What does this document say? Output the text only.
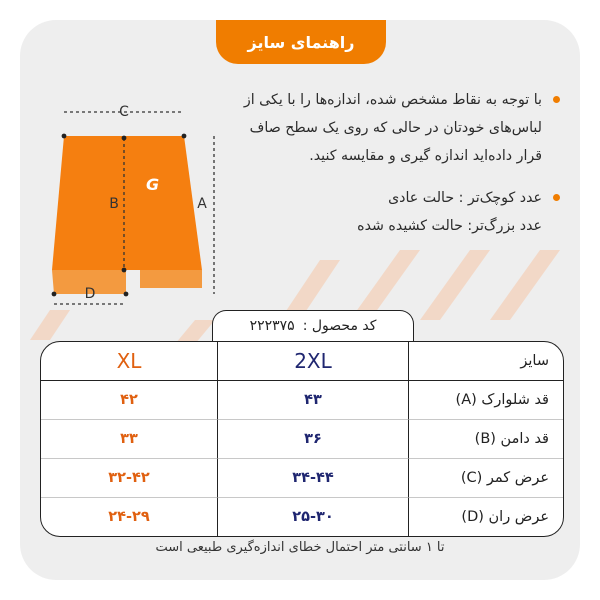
راهنمای سایز
با توجه به نقاط مشخص شده، اندازه‌ها را با یکی از لباس‌های خودتان در حالی که روی یک سطح صاف قرار داده‌اید اندازه گیری و مقایسه کنید.
عدد کوچک‌تر : حالت عادی
عدد بزرگ‌تر: حالت کشیده شده
G
C
B	A
D
کد محصول :
۲۲۲۳۷۵
سایز	2XL	XL
قد شلوارک (A)	۴۳	۴۲
قد دامن (B)	۳۶	۳۳
عرض کمر (C)	۳۴-۴۴	۳۲-۴۲
عرض ران (D)	۲۵-۳۰	۲۴-۲۹
تا ۱ سانتی متر احتمال خطای اندازه‌گیری طبیعی است
